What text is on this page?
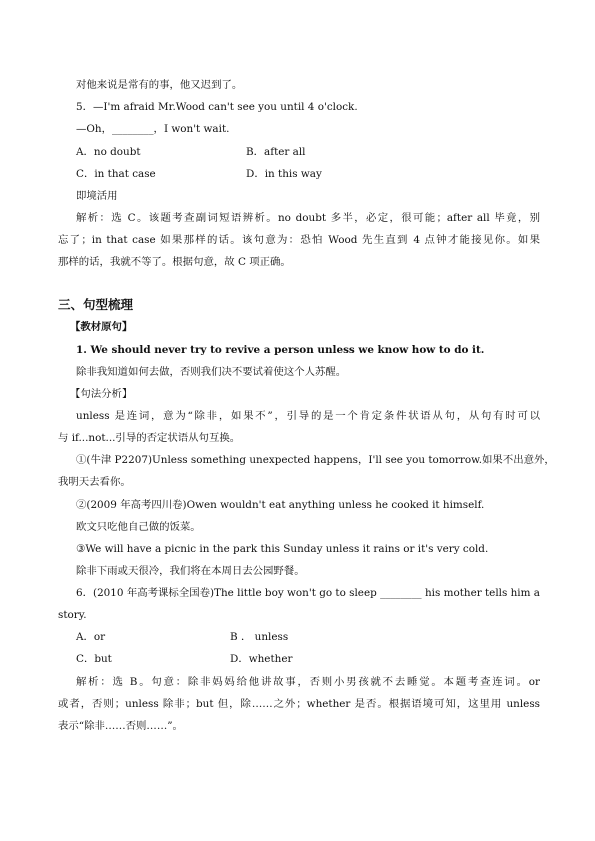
对他来说是常有的事，他又迟到了。
5．—I'm afraid Mr.Wood can't see you until 4 o'clock.
—Oh，________，I won't wait.
A．no doubt	B．after all
C．in that case	D．in this way
即境活用
解析：选 C。该题考查副词短语辨析。no doubt 多半，必定，很可能；after all 毕竟，别
忘了；in that case 如果那样的话。该句意为：恐怕 Wood 先生直到 4 点钟才能接见你。如果
那样的话，我就不等了。根据句意，故 C 项正确。
三、句型梳理
【教材原句】
1. We should never try to revive a person unless we know how to do it.
除非我知道如何去做，否则我们决不要试着使这个人苏醒。
【句法分析】
unless 是连词，意为“除非，如果不”，引导的是一个肯定条件状语从句，从句有时可以
与 if...not...引导的否定状语从句互换。
①(牛津 P2207)Unless something unexpected happens，I'll see you tomorrow.如果不出意外，
我明天去看你。
②(2009 年高考四川卷)Owen wouldn't eat anything unless he cooked it himself.
欧文只吃他自己做的饭菜。
③We will have a picnic in the park this Sunday unless it rains or it's very cold.
除非下雨或天很冷，我们将在本周日去公园野餐。
6．(2010 年高考课标全国卷)The little boy won't go to sleep ________ his mother tells him a
story.
A．or	B ． unless
C．but	D．whether
解析：选 B。句意：除非妈妈给他讲故事，否则小男孩就不去睡觉。本题考查连词。or
或者，否则；unless 除非；but 但，除……之外；whether 是否。根据语境可知，这里用 unless
表示“除非……否则……”。
